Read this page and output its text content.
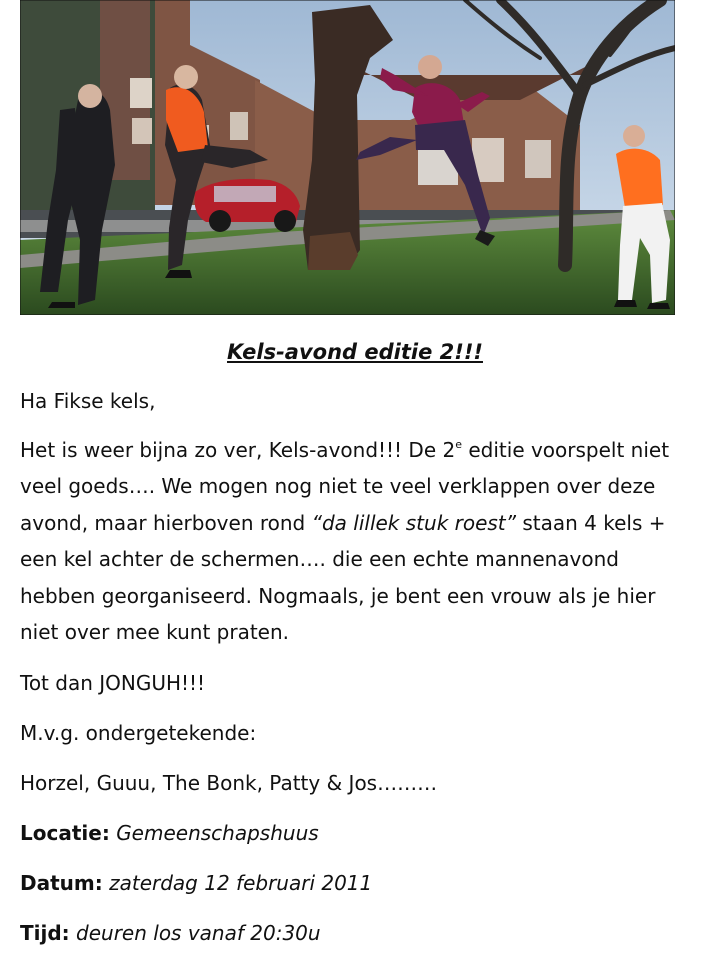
Kels-avond editie 2!!!

Ha Fikse kels,

Het is weer bijna zo ver, Kels-avond!!! De 2e editie voorspelt niet veel goeds…. We mogen nog niet te veel verklappen over deze avond, maar hierboven rond “da lillek stuk roest” staan 4 kels + een kel achter de schermen…. die een echte mannenavond hebben georganiseerd. Nogmaals, je bent een vrouw als je hier niet over mee kunt praten.

Tot dan JONGUH!!!

M.v.g. ondergetekende:

Horzel, Guuu, The Bonk, Patty & Jos………

Locatie: Gemeenschapshuus

Datum: zaterdag 12 februari 2011

Tijd: deuren los vanaf 20:30u
